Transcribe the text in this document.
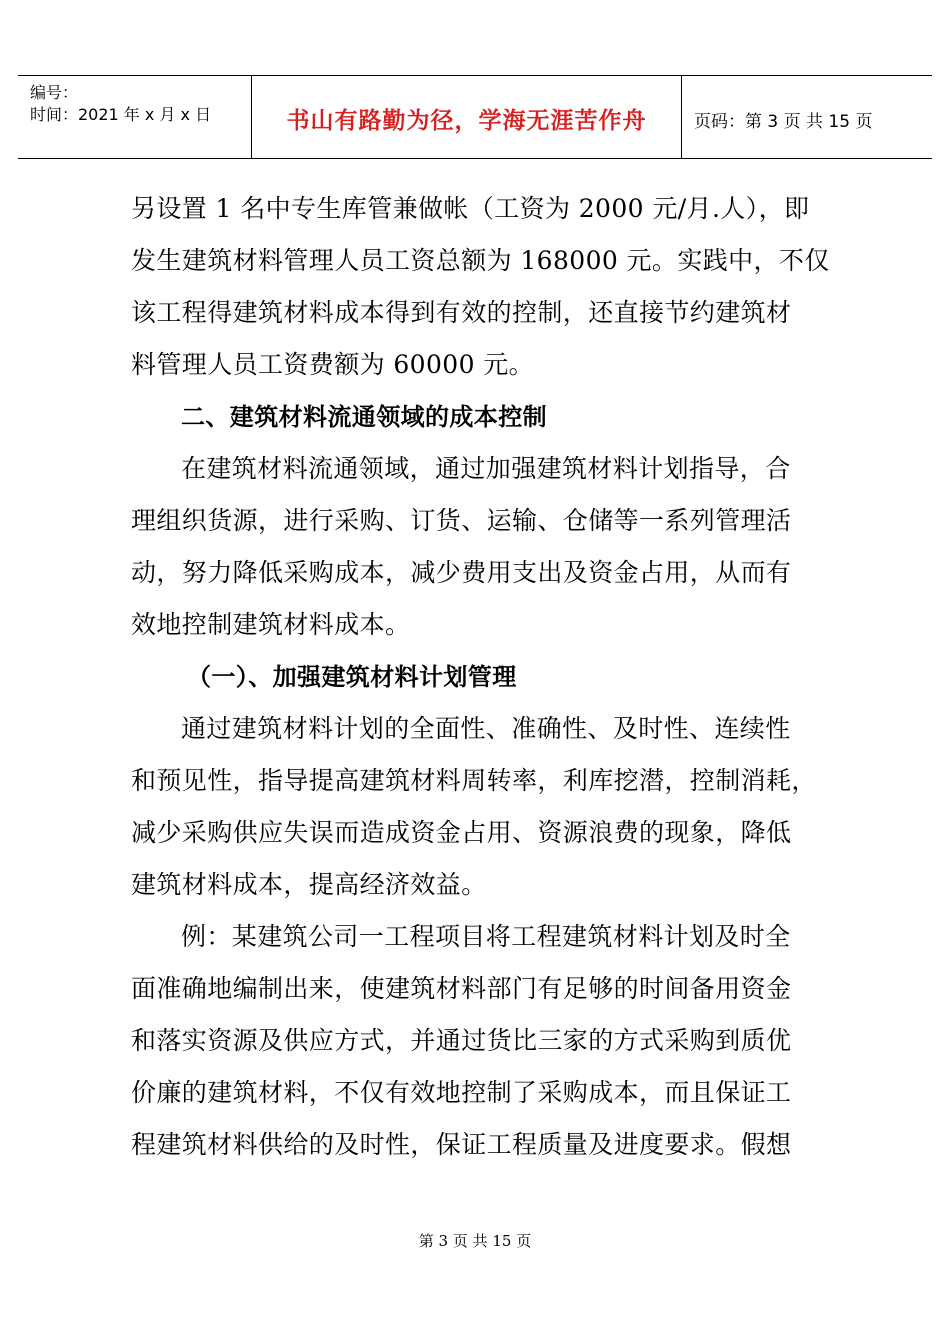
编号：
时间：2021 年 x 月 x 日	书山有路勤为径，学海无涯苦作舟	页码：第 3 页 共 15 页
另设置 1 名中专生库管兼做帐（工资为 2000 元/月.人），即
发生建筑材料管理人员工资总额为 168000 元。实践中，不仅
该工程得建筑材料成本得到有效的控制，还直接节约建筑材
料管理人员工资费额为 60000 元。
二、建筑材料流通领域的成本控制
在建筑材料流通领域，通过加强建筑材料计划指导，合
理组织货源，进行采购、订货、运输、仓储等一系列管理活
动，努力降低采购成本，减少费用支出及资金占用，从而有
效地控制建筑材料成本。
（一）、加强建筑材料计划管理
通过建筑材料计划的全面性、准确性、及时性、连续性
和预见性，指导提高建筑材料周转率，利库挖潜，控制消耗，
减少采购供应失误而造成资金占用、资源浪费的现象，降低
建筑材料成本，提高经济效益。
例：某建筑公司一工程项目将工程建筑材料计划及时全
面准确地编制出来，使建筑材料部门有足够的时间备用资金
和落实资源及供应方式，并通过货比三家的方式采购到质优
价廉的建筑材料，不仅有效地控制了采购成本，而且保证工
程建筑材料供给的及时性，保证工程质量及进度要求。假想
第 3 页 共 15 页
